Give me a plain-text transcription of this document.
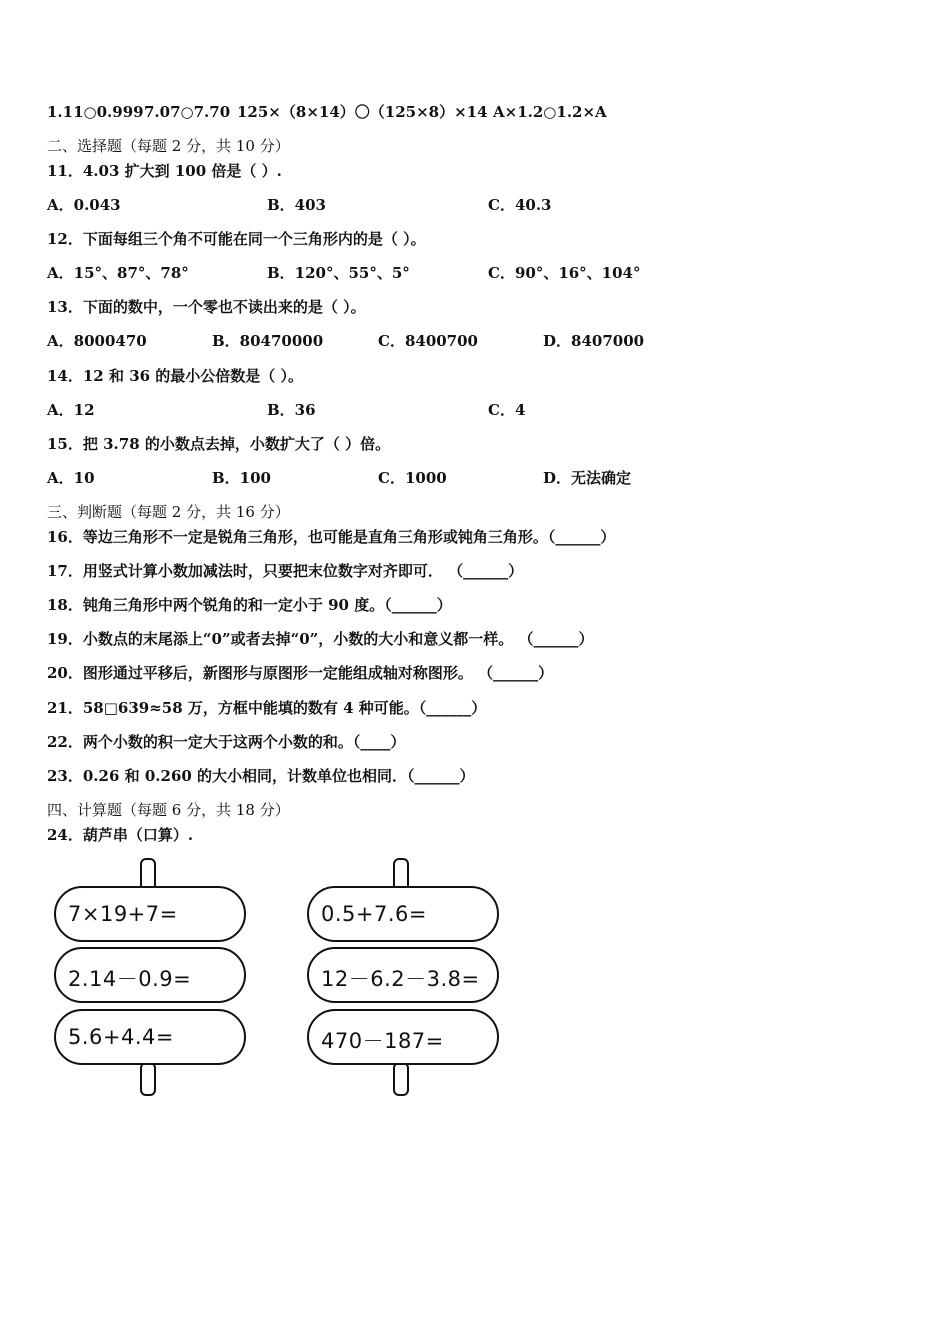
1.11○0.999 7.07○7.70 125×（8×14）〇（125×8）×14 A×1.2○1.2×A
二、选择题（每题 2 分，共 10 分）
11．4.03 扩大到 100 倍是（ ）.
A．0.043	B．403	C．40.3
12．下面每组三个角不可能在同一个三角形内的是（ ）。
A．15°、87°、78°	B．120°、55°、5°	C．90°、16°、104°
13．下面的数中，一个零也不读出来的是（ ）。
A．8000470	B．80470000	C．8400700	D．8407000
14．12 和 36 的最小公倍数是（ ）。
A．12	B．36	C．4
15．把 3.78 的小数点去掉，小数扩大了（ ）倍。
A．10	B．100	C．1000	D．无法确定
三、判断题（每题 2 分，共 16 分）
16．等边三角形不一定是锐角三角形，也可能是直角三角形或钝角三角形。（______）
17．用竖式计算小数加减法时，只要把末位数字对齐即可． （______）
18．钝角三角形中两个锐角的和一定小于 90 度。（______）
19．小数点的末尾添上“0”或者去掉“0”，小数的大小和意义都一样。 （______）
20．图形通过平移后，新图形与原图形一定能组成轴对称图形。 （______）
21．58□639≈58 万，方框中能填的数有 4 种可能。（______）
22．两个小数的积一定大于这两个小数的和。（____）
23．0.26 和 0.260 的大小相同，计数单位也相同．（______）
四、计算题（每题 6 分，共 18 分）
24．葫芦串（口算）.
7×19+7=
2.14－0.9=
5.6+4.4=
0.5+7.6=
12－6.2－3.8=
470－187=
